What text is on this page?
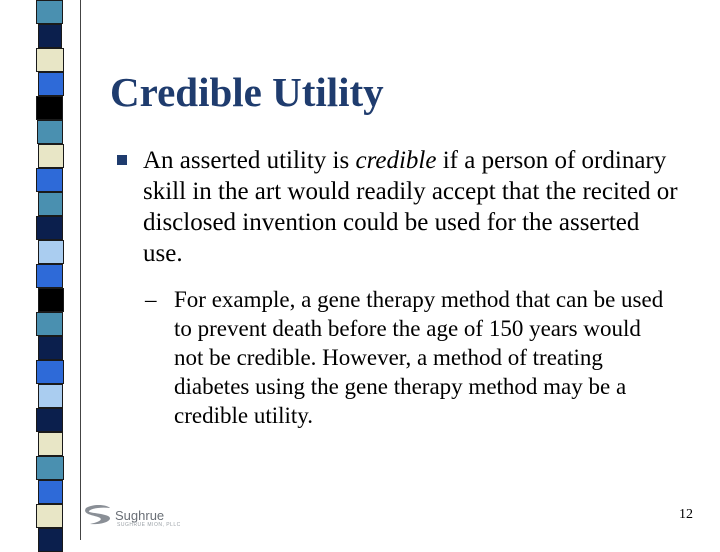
Credible Utility
An asserted utility is credible if a person of ordinary skill in the art would readily accept that the recited or disclosed invention could be used for the asserted use.
– For example, a gene therapy method that can be used to prevent death before the age of 150 years would not be credible. However, a method of treating diabetes using the gene therapy method may be a credible utility.
Sughrue
SUGHRUE MION, PLLC
12
